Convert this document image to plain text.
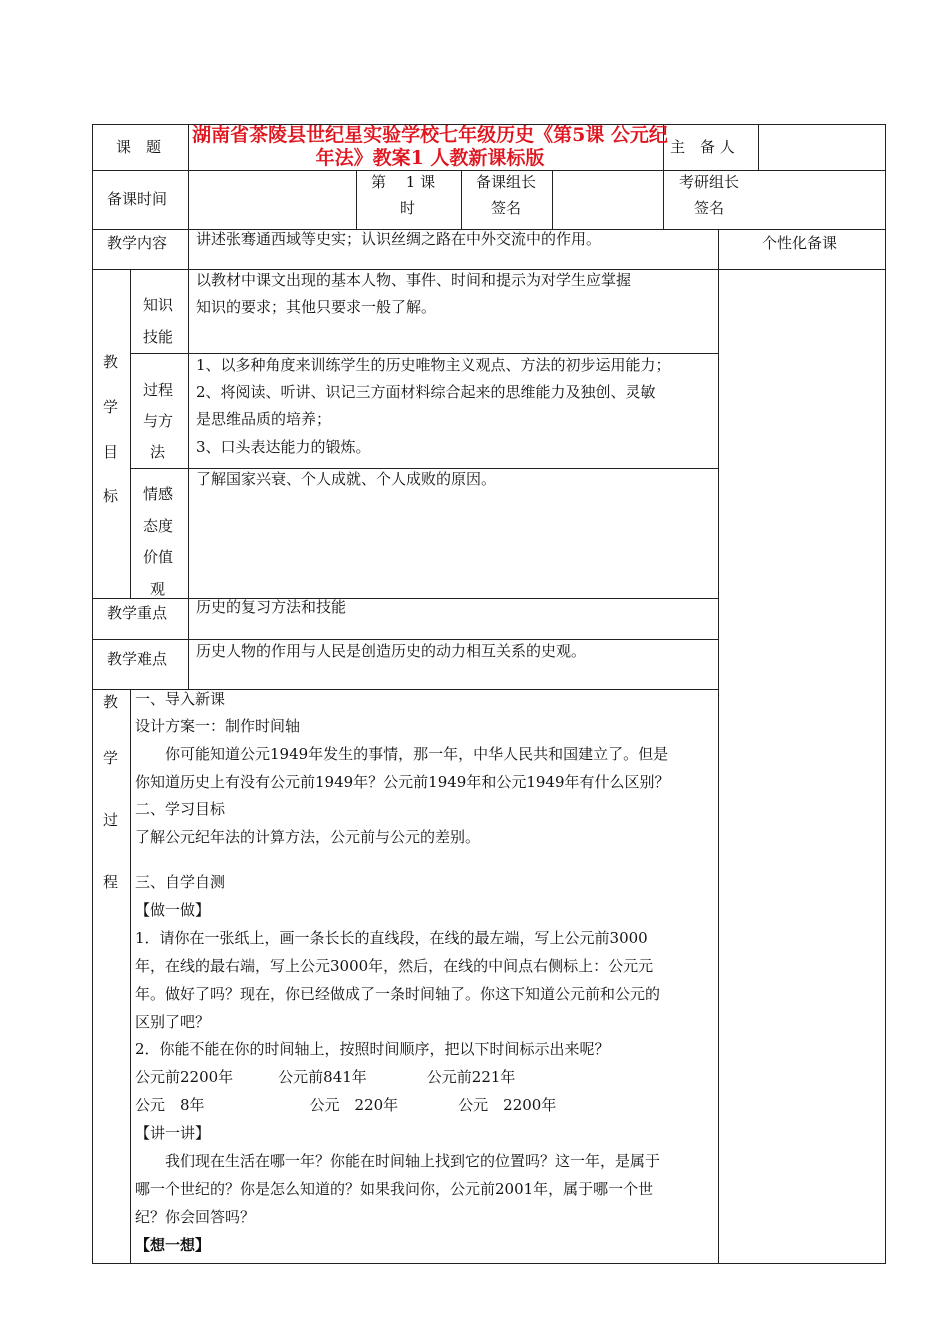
课　题
湖南省茶陵县世纪星实验学校七年级历史《第5课 公元纪年法》教案1 人教新课标版	主　备 人
备课时间
第　 1 课
时
备课组长
签名
考研组长
签名
教学内容 讲述张骞通西域等史实；认识丝绸之路在中外交流中的作用。	个性化备课
教
学
目
标
知识
技能
以教材中课文出现的基本人物、事件、时间和提示为对学生应掌握
知识的要求；其他只要求一般了解。
过程
与方
法
1、以多种角度来训练学生的历史唯物主义观点、方法的初步运用能力；
2、将阅读、听讲、识记三方面材料综合起来的思维能力及独创、灵敏
是思维品质的培养；
3、口头表达能力的锻炼。
情感
态度
价值
观
了解国家兴衰、个人成就、个人成败的原因。
教学重点 历史的复习方法和技能
教学难点 历史人物的作用与人民是创造历史的动力相互关系的史观。
教
学
过
程
一、导入新课
设计方案一：制作时间轴
　　你可能知道公元1949年发生的事情，那一年，中华人民共和国建立了。但是
你知道历史上有没有公元前1949年？公元前1949年和公元1949年有什么区别？
二、学习目标
了解公元纪年法的计算方法，公元前与公元的差别。
三、自学自测
【做一做】
1．请你在一张纸上，画一条长长的直线段，在线的最左端，写上公元前3000
年，在线的最右端，写上公元3000年，然后，在线的中间点右侧标上：公元元
年。做好了吗？现在，你已经做成了一条时间轴了。你这下知道公元前和公元的
区别了吧？
2．你能不能在你的时间轴上，按照时间顺序，把以下时间标示出来呢？
公元前2200年　　　公元前841年　　　　公元前221年
公元　8年　　　　　　　公元　220年　　　　公元　2200年
【讲一讲】
　　我们现在生活在哪一年？你能在时间轴上找到它的位置吗？这一年，是属于
哪一个世纪的？你是怎么知道的？如果我问你，公元前2001年，属于哪一个世
纪？你会回答吗？
【想一想】
